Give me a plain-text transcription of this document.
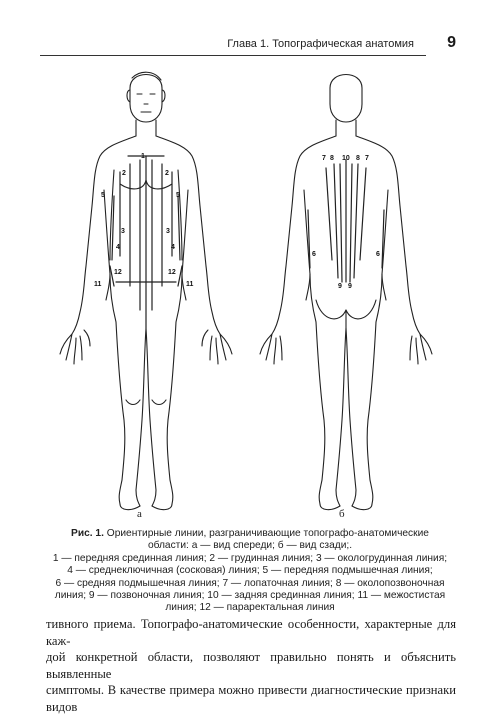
Глава 1. Топографическая анатомия 9
1
2	2
5	5
3	3
4	4
12	12
11	11
7 8 10 8 7
6	6
9 9
а	б
Рис. 1. Ориентирные линии, разграничивающие топографо-анатомические
области: а — вид спереди; б — вид сзади;.
1 — передняя срединная линия; 2 — грудинная линия; 3 — окологрудинная линия;
4 — среднеключичная (сосковая) линия; 5 — передняя подмышечная линия;
6 — средняя подмышечная линия; 7 — лопаточная линия; 8 — околопозвоночная
линия; 9 — позвоночная линия; 10 — задняя срединная линия; 11 — межостистая
линия; 12 — параректальная линия
тивного приема. Топографо-анатомические особенности, характерные для каж-
дой конкретной области, позволяют правильно понять и объяснить выявленные
симптомы. В качестве примера можно привести диагностические признаки видов
